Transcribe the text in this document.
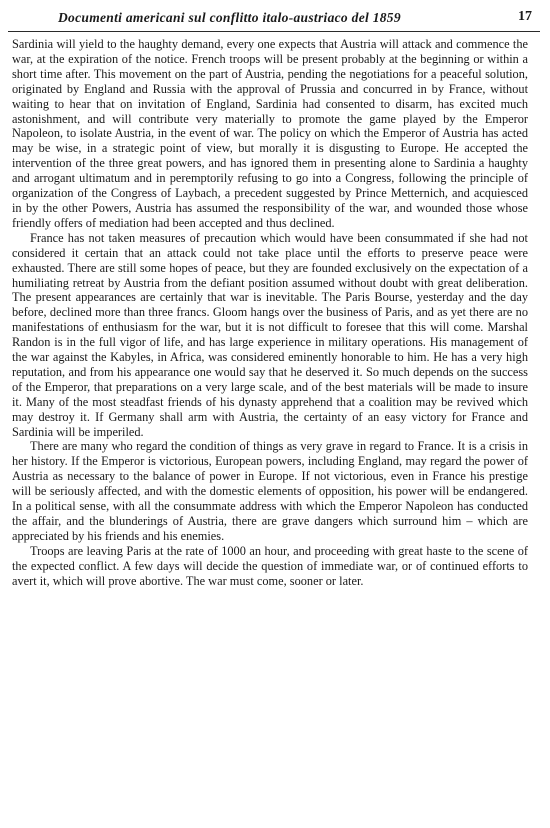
Documenti americani sul conflitto italo-austriaco del 1859	17

Sardinia will yield to the haughty demand, every one expects that Austria will attack and commence the war, at the expiration of the notice. French troops will be present probably at the beginning or within a short time after. This movement on the part of Austria, pending the negotiations for a peaceful solution, originated by England and Russia with the approval of Prussia and concurred in by France, without waiting to hear that on invitation of England, Sardinia had consented to disarm, has excited much astonishment, and will contribute very materially to promote the game played by the Emperor Napoleon, to isolate Austria, in the event of war. The policy on which the Emperor of Austria has acted may be wise, in a strategic point of view, but morally it is disgusting to Europe. He accepted the intervention of the three great powers, and has ignored them in presenting alone to Sardinia a haughty and arrogant ultimatum and in peremptorily refusing to go into a Congress, following the principle of organization of the Congress of Laybach, a precedent suggested by Prince Metternich, and acquiesced in by the other Powers, Austria has assumed the responsibility of the war, and wounded those whose friendly offers of mediation had been accepted and thus declined.

France has not taken measures of precaution which would have been consummated if she had not considered it certain that an attack could not take place until the efforts to preserve peace were exhausted. There are still some hopes of peace, but they are founded exclusively on the expectation of a humiliating retreat by Austria from the defiant position assumed without doubt with great deliberation. The present appearances are certainly that war is inevitable. The Paris Bourse, yesterday and the day before, declined more than three francs. Gloom hangs over the business of Paris, and as yet there are no manifestations of enthusiasm for the war, but it is not difficult to foresee that this will come. Marshal Randon is in the full vigor of life, and has large experience in military operations. His management of the war against the Kabyles, in Africa, was considered eminently honorable to him. He has a very high reputation, and from his appearance one would say that he deserved it. So much depends on the success of the Emperor, that preparations on a very large scale, and of the best materials will be made to insure it. Many of the most steadfast friends of his dynasty apprehend that a coalition may be revived which may destroy it. If Germany shall arm with Austria, the certainty of an easy victory for France and Sardinia will be imperiled.

There are many who regard the condition of things as very grave in regard to France. It is a crisis in her history. If the Emperor is victorious, European powers, including England, may regard the power of Austria as necessary to the balance of power in Europe. If not victorious, even in France his prestige will be seriously affected, and with the domestic elements of opposition, his power will be endangered. In a political sense, with all the consummate address with which the Emperor Napoleon has conducted the affair, and the blunderings of Austria, there are grave dangers which surround him – which are appreciated by his friends and his enemies.

Troops are leaving Paris at the rate of 1000 an hour, and proceeding with great haste to the scene of the expected conflict. A few days will decide the question of immediate war, or of continued efforts to avert it, which will prove abortive. The war must come, sooner or later.
